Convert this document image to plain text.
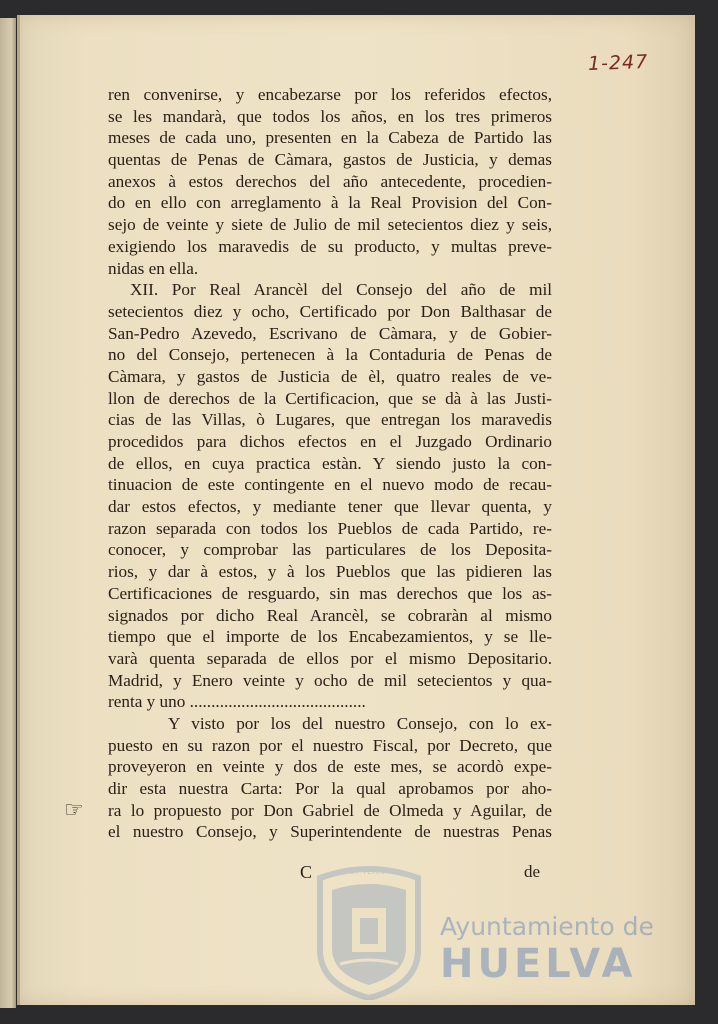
1-247
ren convenirse, y encabezarse por los referidos efectos,
se les mandarà, que todos los años, en los tres primeros
meses de cada uno, presenten en la Cabeza de Partido las
quentas de Penas de Càmara, gastos de Justicia, y demas
anexos à estos derechos del año antecedente, procedien-
do en ello con arreglamento à la Real Provision del Con-
sejo de veinte y siete de Julio de mil setecientos diez y seis,
exigiendo los maravedis de su producto, y multas preve-
nidas en ella.
XII. Por Real Arancèl del Consejo del año de mil
setecientos diez y ocho, Certificado por Don Balthasar de
San-Pedro Azevedo, Escrivano de Càmara, y de Gobier-
no del Consejo, pertenecen à la Contaduria de Penas de
Càmara, y gastos de Justicia de èl, quatro reales de ve-
llon de derechos de la Certificacion, que se dà à las Justi-
cias de las Villas, ò Lugares, que entregan los maravedis
procedidos para dichos efectos en el Juzgado Ordinario
de ellos, en cuya practica estàn. Y siendo justo la con-
tinuacion de este contingente en el nuevo modo de recau-
dar estos efectos, y mediante tener que llevar quenta, y
razon separada con todos los Pueblos de cada Partido, re-
conocer, y comprobar las particulares de los Deposita-
rios, y dar à estos, y à los Pueblos que las pidieren las
Certificaciones de resguardo, sin mas derechos que los as-
signados por dicho Real Arancèl, se cobraràn al mismo
tiempo que el importe de los Encabezamientos, y se lle-
varà quenta separada de ellos por el mismo Depositario.
Madrid, y Enero veinte y ocho de mil setecientos y qua-
renta y uno .........................................
Y visto por los del nuestro Consejo, con lo ex-
puesto en su razon por el nuestro Fiscal, por Decreto, que
proveyeron en veinte y dos de este mes, se acordò expe-
dir esta nuestra Carta: Por la qual aprobamos por aho-
ra lo propuesto por Don Gabriel de Olmeda y Aguilar, de
el nuestro Consejo, y Superintendente de nuestras Penas
☞
C	de
ET TERRA
Ayuntamiento de
HUELVA
